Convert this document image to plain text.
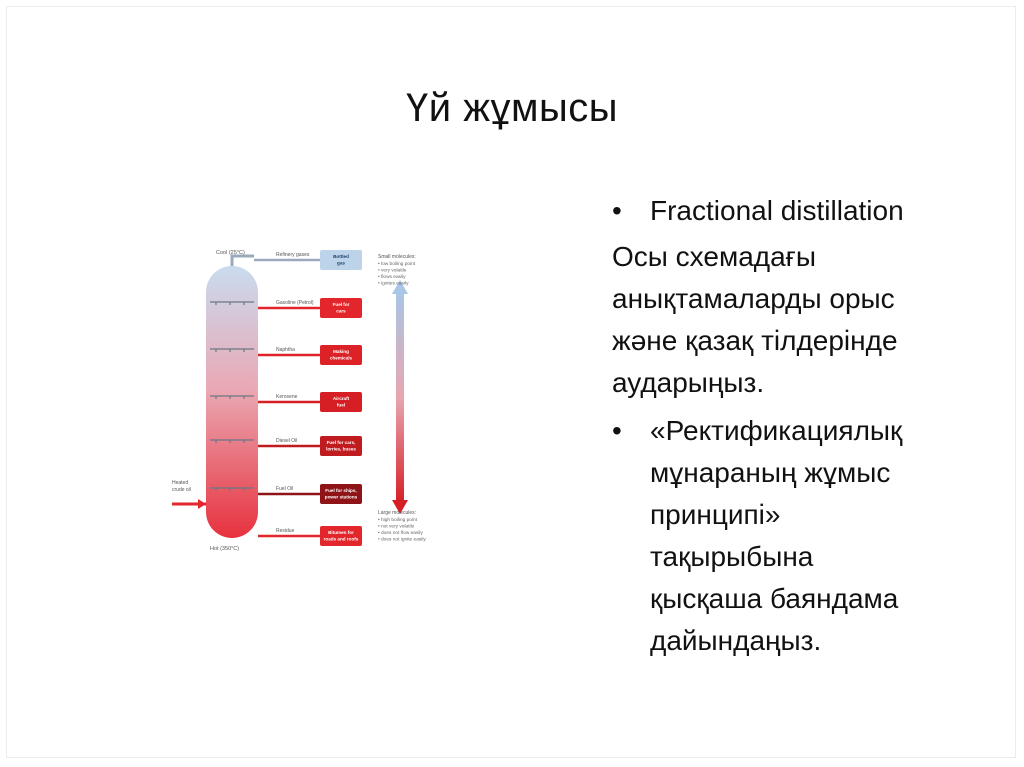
Үй жұмысы
Cool (25°C)
Hot (350°C)
Heated
crude oil
Refinery gases	Bottled
gas
Gasoline (Petrol)	Fuel for
cars
Naphtha	Making
chemicals
Kerosene	Aircraft
fuel
Diesel Oil	Fuel for cars,
lorries, buses
Fuel Oil	Fuel for ships,
power stations
Residue	Bitumen for
roads and roofs
Small molecules:
• low boiling point
• very volatile
• flows easily
• ignites easily
Large molecules:
• high boiling point
• not very volatile
• does not flow easily
• does not ignite easily
•	Fractional distillation
Осы схемадағы
анықтамаларды орыс
және қазақ тілдерінде
аударыңыз.
•	«Ректификациялық
мұнараның жұмыс
принципі»
тақырыбына
қысқаша баяндама
дайындаңыз.
